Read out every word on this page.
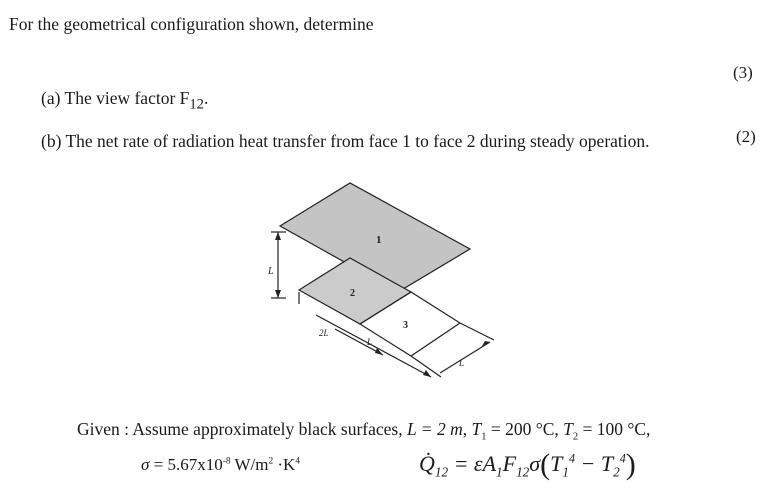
For the geometrical configuration shown, determine
(3)
(a) The view factor $F_{12}$.
(b) The net rate of radiation heat transfer from face 1 to face 2 during steady operation.	(2)
1
2
3
L
2L
L
L
Given : Assume approximately black surfaces, L = 2 m, $T_1 = 200$ °C, $T_2 = 100$ °C,
$\sigma = 5.67x10^{-8}$ $W/m^2 \cdot K^4$	$Q̇_{12} = \varepsilon A_1F_{12}\sigma(T_1^4 - T_2^4)$
